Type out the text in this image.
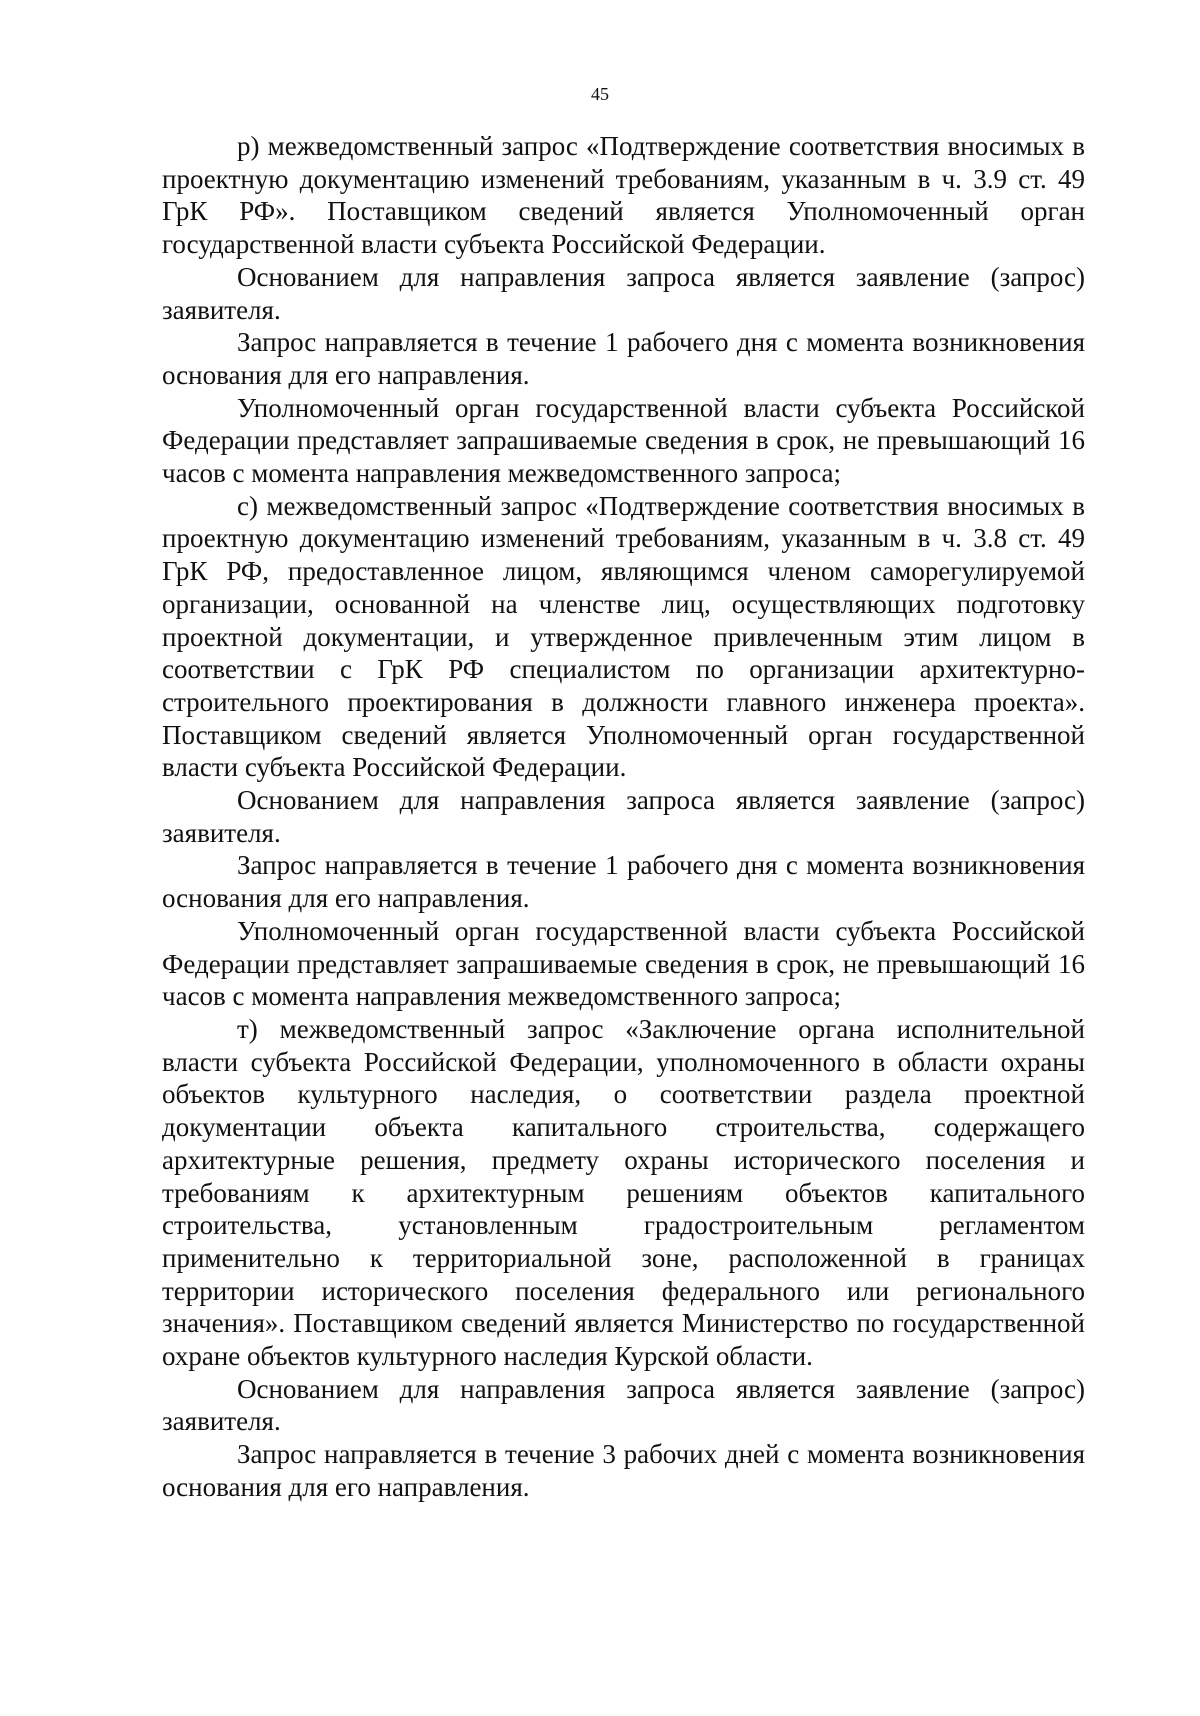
45

р) межведомственный запрос «Подтверждение соответствия вносимых в проектную документацию изменений требованиям, указанным в ч. 3.9 ст. 49 ГрК РФ». Поставщиком сведений является Уполномоченный орган государственной власти субъекта Российской Федерации.

Основанием для направления запроса является заявление (запрос) заявителя.

Запрос направляется в течение 1 рабочего дня с момента возникновения основания для его направления.

Уполномоченный орган государственной власти субъекта Российской Федерации представляет запрашиваемые сведения в срок, не превышающий 16 часов с момента направления межведомственного запроса;

с) межведомственный запрос «Подтверждение соответствия вносимых в проектную документацию изменений требованиям, указанным в ч. 3.8 ст. 49 ГрК РФ, предоставленное лицом, являющимся членом саморегулируемой организации, основанной на членстве лиц, осуществляющих подготовку проектной документации, и утвержденное привлеченным этим лицом в соответствии с ГрК РФ специалистом по организации архитектурно-строительного проектирования в должности главного инженера проекта». Поставщиком сведений является Уполномоченный орган государственной власти субъекта Российской Федерации.

Основанием для направления запроса является заявление (запрос) заявителя.

Запрос направляется в течение 1 рабочего дня с момента возникновения основания для его направления.

Уполномоченный орган государственной власти субъекта Российской Федерации представляет запрашиваемые сведения в срок, не превышающий 16 часов с момента направления межведомственного запроса;

т) межведомственный запрос «Заключение органа исполнительной власти субъекта Российской Федерации, уполномоченного в области охраны объектов культурного наследия, о соответствии раздела проектной документации объекта капитального строительства, содержащего архитектурные решения, предмету охраны исторического поселения и требованиям к архитектурным решениям объектов капитального строительства, установленным градостроительным регламентом применительно к территориальной зоне, расположенной в границах территории исторического поселения федерального или регионального значения». Поставщиком сведений является Министерство по государственной охране объектов культурного наследия Курской области.

Основанием для направления запроса является заявление (запрос) заявителя.

Запрос направляется в течение 3 рабочих дней с момента возникновения основания для его направления.
